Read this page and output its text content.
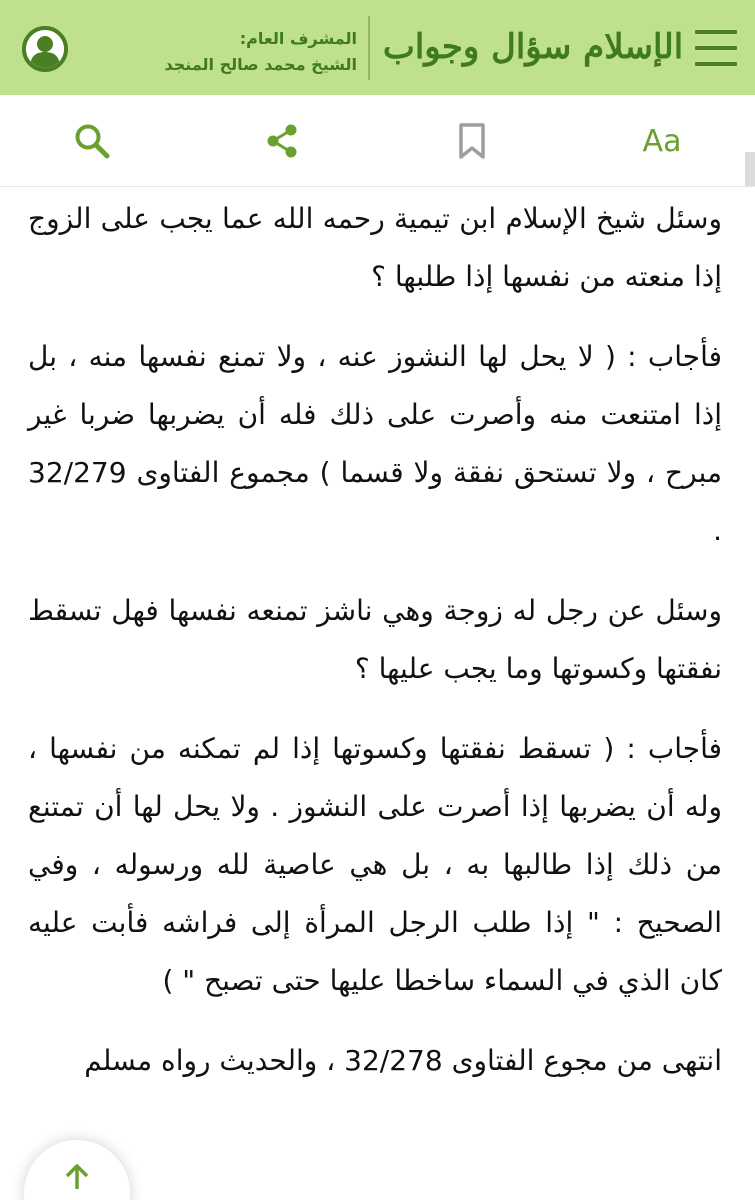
الإسلام سؤال وجواب
المشرف العام:
الشيخ محمد صالح المنجد
Aa

وسئل شيخ الإسلام ابن تيمية رحمه الله عما يجب على الزوج إذا منعته من نفسها إذا طلبها ؟

فأجاب : ( لا يحل لها النشوز عنه ، ولا تمنع نفسها منه ، بل إذا امتنعت منه وأصرت على ذلك فله أن يضربها ضربا غير مبرح ، ولا تستحق نفقة ولا قسما ) مجموع الفتاوى 32/279 .

وسئل عن رجل له زوجة وهي ناشز تمنعه نفسها فهل تسقط نفقتها وكسوتها وما يجب عليها ؟

فأجاب : ( تسقط نفقتها وكسوتها إذا لم تمكنه من نفسها ، وله أن يضربها إذا أصرت على النشوز . ولا يحل لها أن تمتنع من ذلك إذا طالبها به ، بل هي عاصية لله ورسوله ، وفي الصحيح : " إذا طلب الرجل المرأة إلى فراشه فأبت عليه كان الذي في السماء ساخطا عليها حتى تصبح " )

انتهى من مجوع الفتاوى 32/278 ، والحديث رواه مسلم
